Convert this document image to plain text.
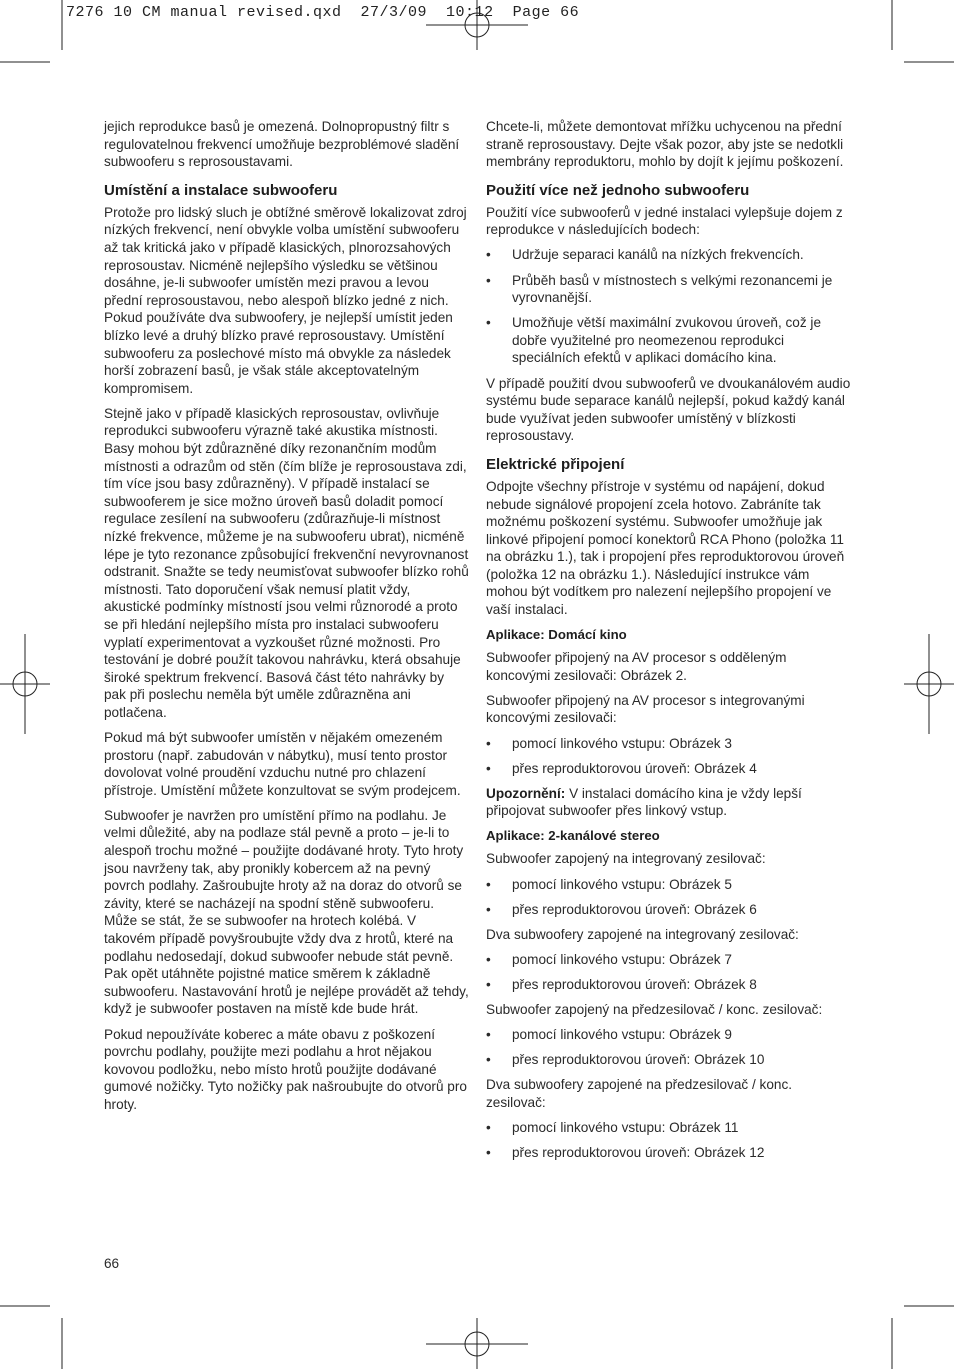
7276 10 CM manual revised.qxd  27/3/09  10:12  Page 66

jejich reprodukce basů je omezená. Dolnopropustný filtr s regulovatelnou frekvencí umožňuje bezproblémové sladění subwooferu s reprosoustavami.

Umístění a instalace subwooferu

Protože pro lidský sluch je obtížné směrově lokalizovat zdroj nízkých frekvencí, není obvykle volba umístění subwooferu až tak kritická jako v případě klasických, plnorozsahových reprosoustav. Nicméně nejlepšího výsledku se většinou dosáhne, je-li subwoofer umístěn mezi pravou a levou přední reprosoustavou, nebo alespoň blízko jedné z nich. Pokud používáte dva subwoofery, je nejlepší umístit jeden blízko levé a druhý blízko pravé reprosoustavy. Umístění subwooferu za poslechové místo má obvykle za následek horší zobrazení basů, je však stále akceptovatelným kompromisem.

Stejně jako v případě klasických reprosoustav, ovlivňuje reprodukci subwooferu výrazně také akustika místnosti. Basy mohou být zdůrazněné díky rezonančním modům místnosti a odrazům od stěn (čím blíže je reprosoustava zdi, tím více jsou basy zdůrazněny). V případě instalací se subwooferem je sice možno úroveň basů doladit pomocí regulace zesílení na subwooferu (zdůrazňuje-li místnost nízké frekvence, můžeme je na subwooferu ubrat), nicméně lépe je tyto rezonance způsobující frekvenční nevyrovnanost odstranit. Snažte se tedy neumisťovat subwoofer blízko rohů místnosti. Tato doporučení však nemusí platit vždy, akustické podmínky místností jsou velmi různorodé a proto se při hledání nejlepšího místa pro instalaci subwooferu vyplatí experimentovat a vyzkoušet různé možnosti. Pro testování je dobré použít takovou nahrávku, která obsahuje široké spektrum frekvencí. Basová část této nahrávky by pak při poslechu neměla být uměle zdůrazněna ani potlačena.

Pokud má být subwoofer umístěn v nějakém omezeném prostoru (např. zabudován v nábytku), musí tento prostor dovolovat volné proudění vzduchu nutné pro chlazení přístroje. Umístění můžete konzultovat se svým prodejcem.

Subwoofer je navržen pro umístění přímo na podlahu. Je velmi důležité, aby na podlaze stál pevně a proto – je-li to alespoň trochu možné – použijte dodávané hroty. Tyto hroty jsou navrženy tak, aby pronikly kobercem až na pevný povrch podlahy. Zašroubujte hroty až na doraz do otvorů se závity, které se nacházejí na spodní stěně subwooferu. Může se stát, že se subwoofer na hrotech kolébá. V takovém případě povyšroubujte vždy dva z hrotů, které na podlahu nedosedají, dokud subwoofer nebude stát pevně. Pak opět utáhněte pojistné matice směrem k základně subwooferu. Nastavování hrotů je nejlépe provádět až tehdy, když je subwoofer postaven na místě kde bude hrát.

Pokud nepoužíváte koberec a máte obavu z poškození povrchu podlahy, použijte mezi podlahu a hrot nějakou kovovou podložku, nebo místo hrotů použijte dodávané gumové nožičky. Tyto nožičky pak našroubujte do otvorů pro hroty.

Chcete-li, můžete demontovat mřížku uchycenou na přední straně reprosoustavy. Dejte však pozor, aby jste se nedotkli membrány reproduktoru, mohlo by dojít k jejímu poškození.

Použití více než jednoho subwooferu

Použití více subwooferů v jedné instalaci vylepšuje dojem z reprodukce v následujících bodech:

• Udržuje separaci kanálů na nízkých frekvencích.
• Průběh basů v místnostech s velkými rezonancemi je vyrovnanější.
• Umožňuje větší maximální zvukovou úroveň, což je dobře využitelné pro neomezenou reprodukci speciálních efektů v aplikaci domácího kina.

V případě použití dvou subwooferů ve dvoukanálovém audio systému bude separace kanálů nejlepší, pokud každý kanál bude využívat jeden subwoofer umístěný v blízkosti reprosoustavy.

Elektrické připojení

Odpojte všechny přístroje v systému od napájení, dokud nebude signálové propojení zcela hotovo. Zabráníte tak možnému poškození systému. Subwoofer umožňuje jak linkové připojení pomocí konektorů RCA Phono (položka 11 na obrázku 1.), tak i propojení přes reproduktorovou úroveň (položka 12 na obrázku 1.). Následující instrukce vám mohou být vodítkem pro nalezení nejlepšího propojení ve vaší instalaci.

Aplikace: Domácí kino

Subwoofer připojený na AV procesor s odděleným koncovými zesilovači: Obrázek 2.

Subwoofer připojený na AV procesor s integrovanými koncovými zesilovači:

• pomocí linkového vstupu: Obrázek 3
• přes reproduktorovou úroveň: Obrázek 4

Upozornění: V instalaci domácího kina je vždy lepší připojovat subwoofer přes linkový vstup.

Aplikace: 2-kanálové stereo

Subwoofer zapojený na integrovaný zesilovač:

• pomocí linkového vstupu: Obrázek 5
• přes reproduktorovou úroveň: Obrázek 6

Dva subwoofery zapojené na integrovaný zesilovač:

• pomocí linkového vstupu: Obrázek 7
• přes reproduktorovou úroveň: Obrázek 8

Subwoofer zapojený na předzesilovač / konc. zesilovač:

• pomocí linkového vstupu: Obrázek 9
• přes reproduktorovou úroveň: Obrázek 10

Dva subwoofery zapojené na předzesilovač / konc. zesilovač:

• pomocí linkového vstupu: Obrázek 11
• přes reproduktorovou úroveň: Obrázek 12
66
